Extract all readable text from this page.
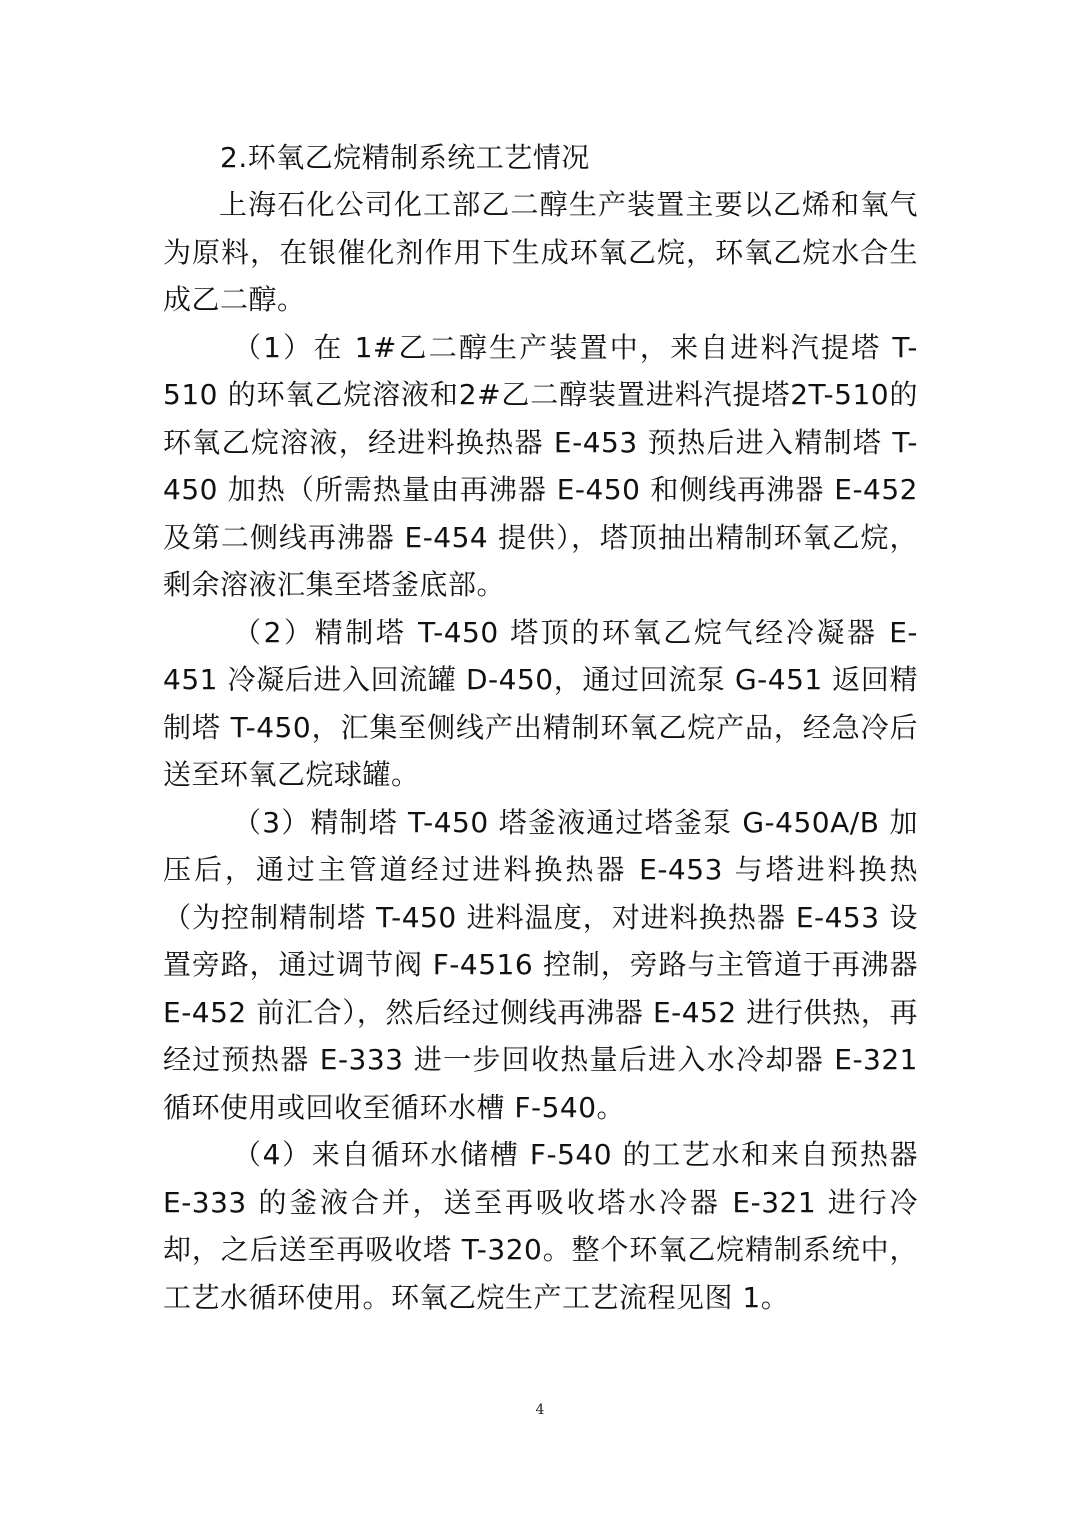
2.环氧乙烷精制系统工艺情况

上海石化公司化工部乙二醇生产装置主要以乙烯和氧气为原料，在银催化剂作用下生成环氧乙烷，环氧乙烷水合生成乙二醇。

（1）在 1#乙二醇生产装置中，来自进料汽提塔 T-510 的环氧乙烷溶液和2#乙二醇装置进料汽提塔2T-510的环氧乙烷溶液，经进料换热器 E-453 预热后进入精制塔 T-450 加热（所需热量由再沸器 E-450 和侧线再沸器 E-452 及第二侧线再沸器 E-454 提供），塔顶抽出精制环氧乙烷，剩余溶液汇集至塔釜底部。

（2）精制塔 T-450 塔顶的环氧乙烷气经冷凝器 E-451 冷凝后进入回流罐 D-450，通过回流泵 G-451 返回精制塔 T-450，汇集至侧线产出精制环氧乙烷产品，经急冷后送至环氧乙烷球罐。

（3）精制塔 T-450 塔釜液通过塔釜泵 G-450A/B 加压后，通过主管道经过进料换热器 E-453 与塔进料换热（为控制精制塔 T-450 进料温度，对进料换热器 E-453 设置旁路，通过调节阀 F-4516 控制，旁路与主管道于再沸器 E-452 前汇合），然后经过侧线再沸器 E-452 进行供热，再经过预热器 E-333 进一步回收热量后进入水冷却器 E-321 循环使用或回收至循环水槽 F-540。

（4）来自循环水储槽 F-540 的工艺水和来自预热器 E-333 的釜液合并，送至再吸收塔水冷器 E-321 进行冷却，之后送至再吸收塔 T-320。整个环氧乙烷精制系统中，工艺水循环使用。环氧乙烷生产工艺流程见图 1。

4
